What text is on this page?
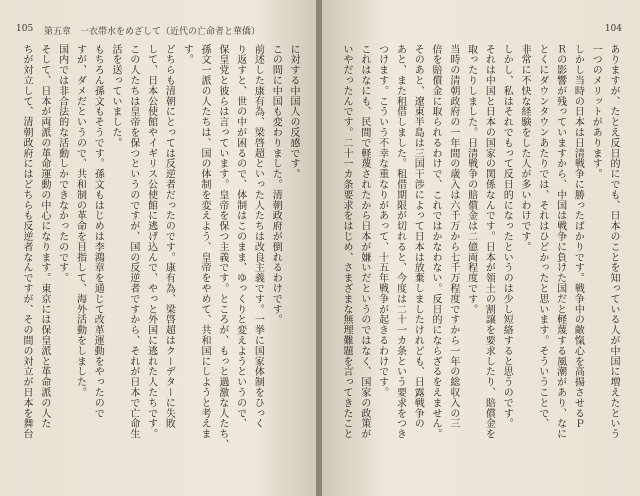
105 第五章　一衣帯水をめざして（近代の亡命者と華僑）
に対する中国人の反感です。
この間に中国も変わりました。清朝政府が倒れるわけです。
前述した康有為、梁啓超といった人たちは改良主義です。一挙に国家体制をひっく
り返すと、世の中が困るので、体制はこのまま、ゆっくりと変えようというので、
保皇党と彼らは言っています。皇帝を保つ主義です。ところが、もっと過激な人たち、
孫文一派の人たちは、国の体制を変えよう、皇帝をやめて、共和国にしようと考えま
す。
どちらも清朝にとっては反逆者だったのです。康有為、梁啓超はクーデターに失敗
して、日本公使館やイギリス公使館に逃げ込んで、やっと外国に逃れた人たちです。
この人たちは皇帝を保つというのですが、国の反逆者ですから、それが日本で亡命生
活を送っていました。
もちろん孫文もそうです。孫文もはじめは李鴻章を通じて改革運動をやったので
すが、ダメだというので、共和制の革命を目指して、海外活動をしました。
国内では非合法的な活動しかできなかったのです。
そして、日本が両派の革命運動の中心になります。東京には保皇派と革命派の人た
ちが対立して、清朝政府にはどちらも反逆者なんですが、その間の対立が日本を舞台
104
ありますが、たとえ反日的にでも、日本のことを知っている人が中国に増えたという
一つのメリットがあります。
しかし当時の日本は日清戦争に勝ったばかりです。戦争中の敵愾心を高揚させるＰ
Ｒの影響が残っていますから、中国は戦争に負けた国だと軽蔑する風潮があり、なに
とくにダウンタウンあたりでは、それはひどかったと思います。そういうことで、
非常に不快な経験をした人が多いわけです。
しかし、私はそれでもって反日的になったというのは少し短絡すると思うのです。
それは中国と日本の国家の関係なんです。日本が領土の割譲を要求したり、賠償金を
取ったりしました。日清戦争の賠償金は二億両程度です。
当時の清朝政府の一年間の歳入は六千万から七千万程度ですから一年の総収入の三
倍を賠償金に取られるわけで、これではかなわない。反日的にならざるをえません。
そのあと、遼東半島は三国干渉によって日本は放棄しましたけれども、日露戦争の
あと、また租借しました。租借期限が切れると、今度は二十一カ条という要求をつき
つけます。こういう不幸な重なりがあって、十五年戦争が起きるわけです。
これはなにも、民間で軽蔑されたから日本が嫌いだというのではなく、国家の政策が
いやだったんです。二十一カ条要求をはじめ、さまざまな無理難題を言ってきたこと
